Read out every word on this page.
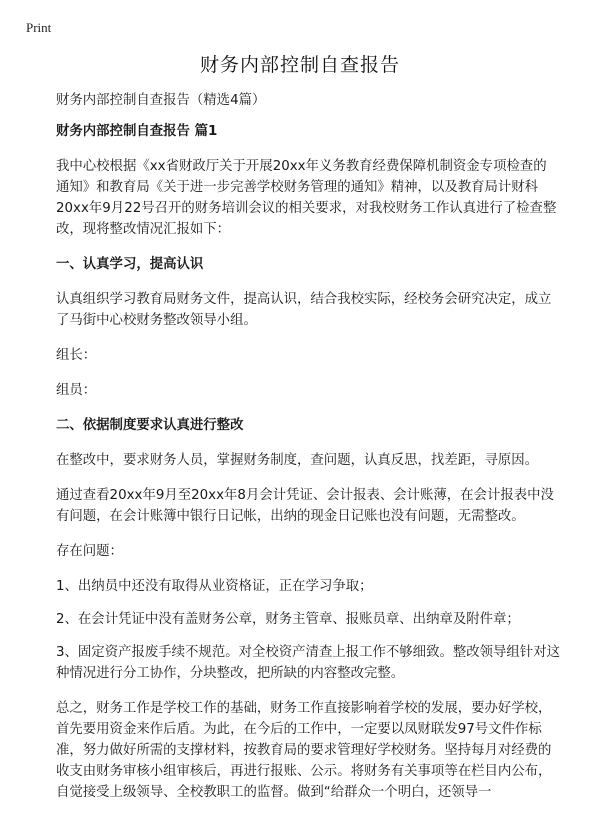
Print
财务内部控制自查报告

财务内部控制自查报告（精选4篇）

财务内部控制自查报告 篇1

我中心校根据《xx省财政厅关于开展20xx年义务教育经费保障机制资金专项检查的通知》和教育局《关于进一步完善学校财务管理的通知》精神，以及教育局计财科20xx年9月22号召开的财务培训会议的相关要求，对我校财务工作认真进行了检查整改，现将整改情况汇报如下：

一、认真学习，提高认识

认真组织学习教育局财务文件，提高认识，结合我校实际，经校务会研究决定，成立了马街中心校财务整改领导小组。

组长：

组员：

二、依据制度要求认真进行整改

在整改中，要求财务人员，掌握财务制度，查问题，认真反思，找差距，寻原因。

通过查看20xx年9月至20xx年8月会计凭证、会计报表、会计账薄，在会计报表中没有问题，在会计账簿中银行日记帐，出纳的现金日记账也没有问题，无需整改。

存在问题：

1、出纳员中还没有取得从业资格证，正在学习争取；

2、在会计凭证中没有盖财务公章，财务主管章、报账员章、出纳章及附件章；

3、固定资产报废手续不规范。对全校资产清查上报工作不够细致。整改领导组针对这种情况进行分工协作，分块整改，把所缺的内容整改完整。

总之，财务工作是学校工作的基础，财务工作直接影响着学校的发展，要办好学校，首先要用资金来作后盾。为此，在今后的工作中，一定要以凤财联发97号文件作标准，努力做好所需的支撑材料，按教育局的要求管理好学校财务。坚持每月对经费的收支由财务审核小组审核后，再进行报账、公示。将财务有关事项等在栏目内公布，自觉接受上级领导、全校教职工的监督。做到“给群众一个明白，还领导一
